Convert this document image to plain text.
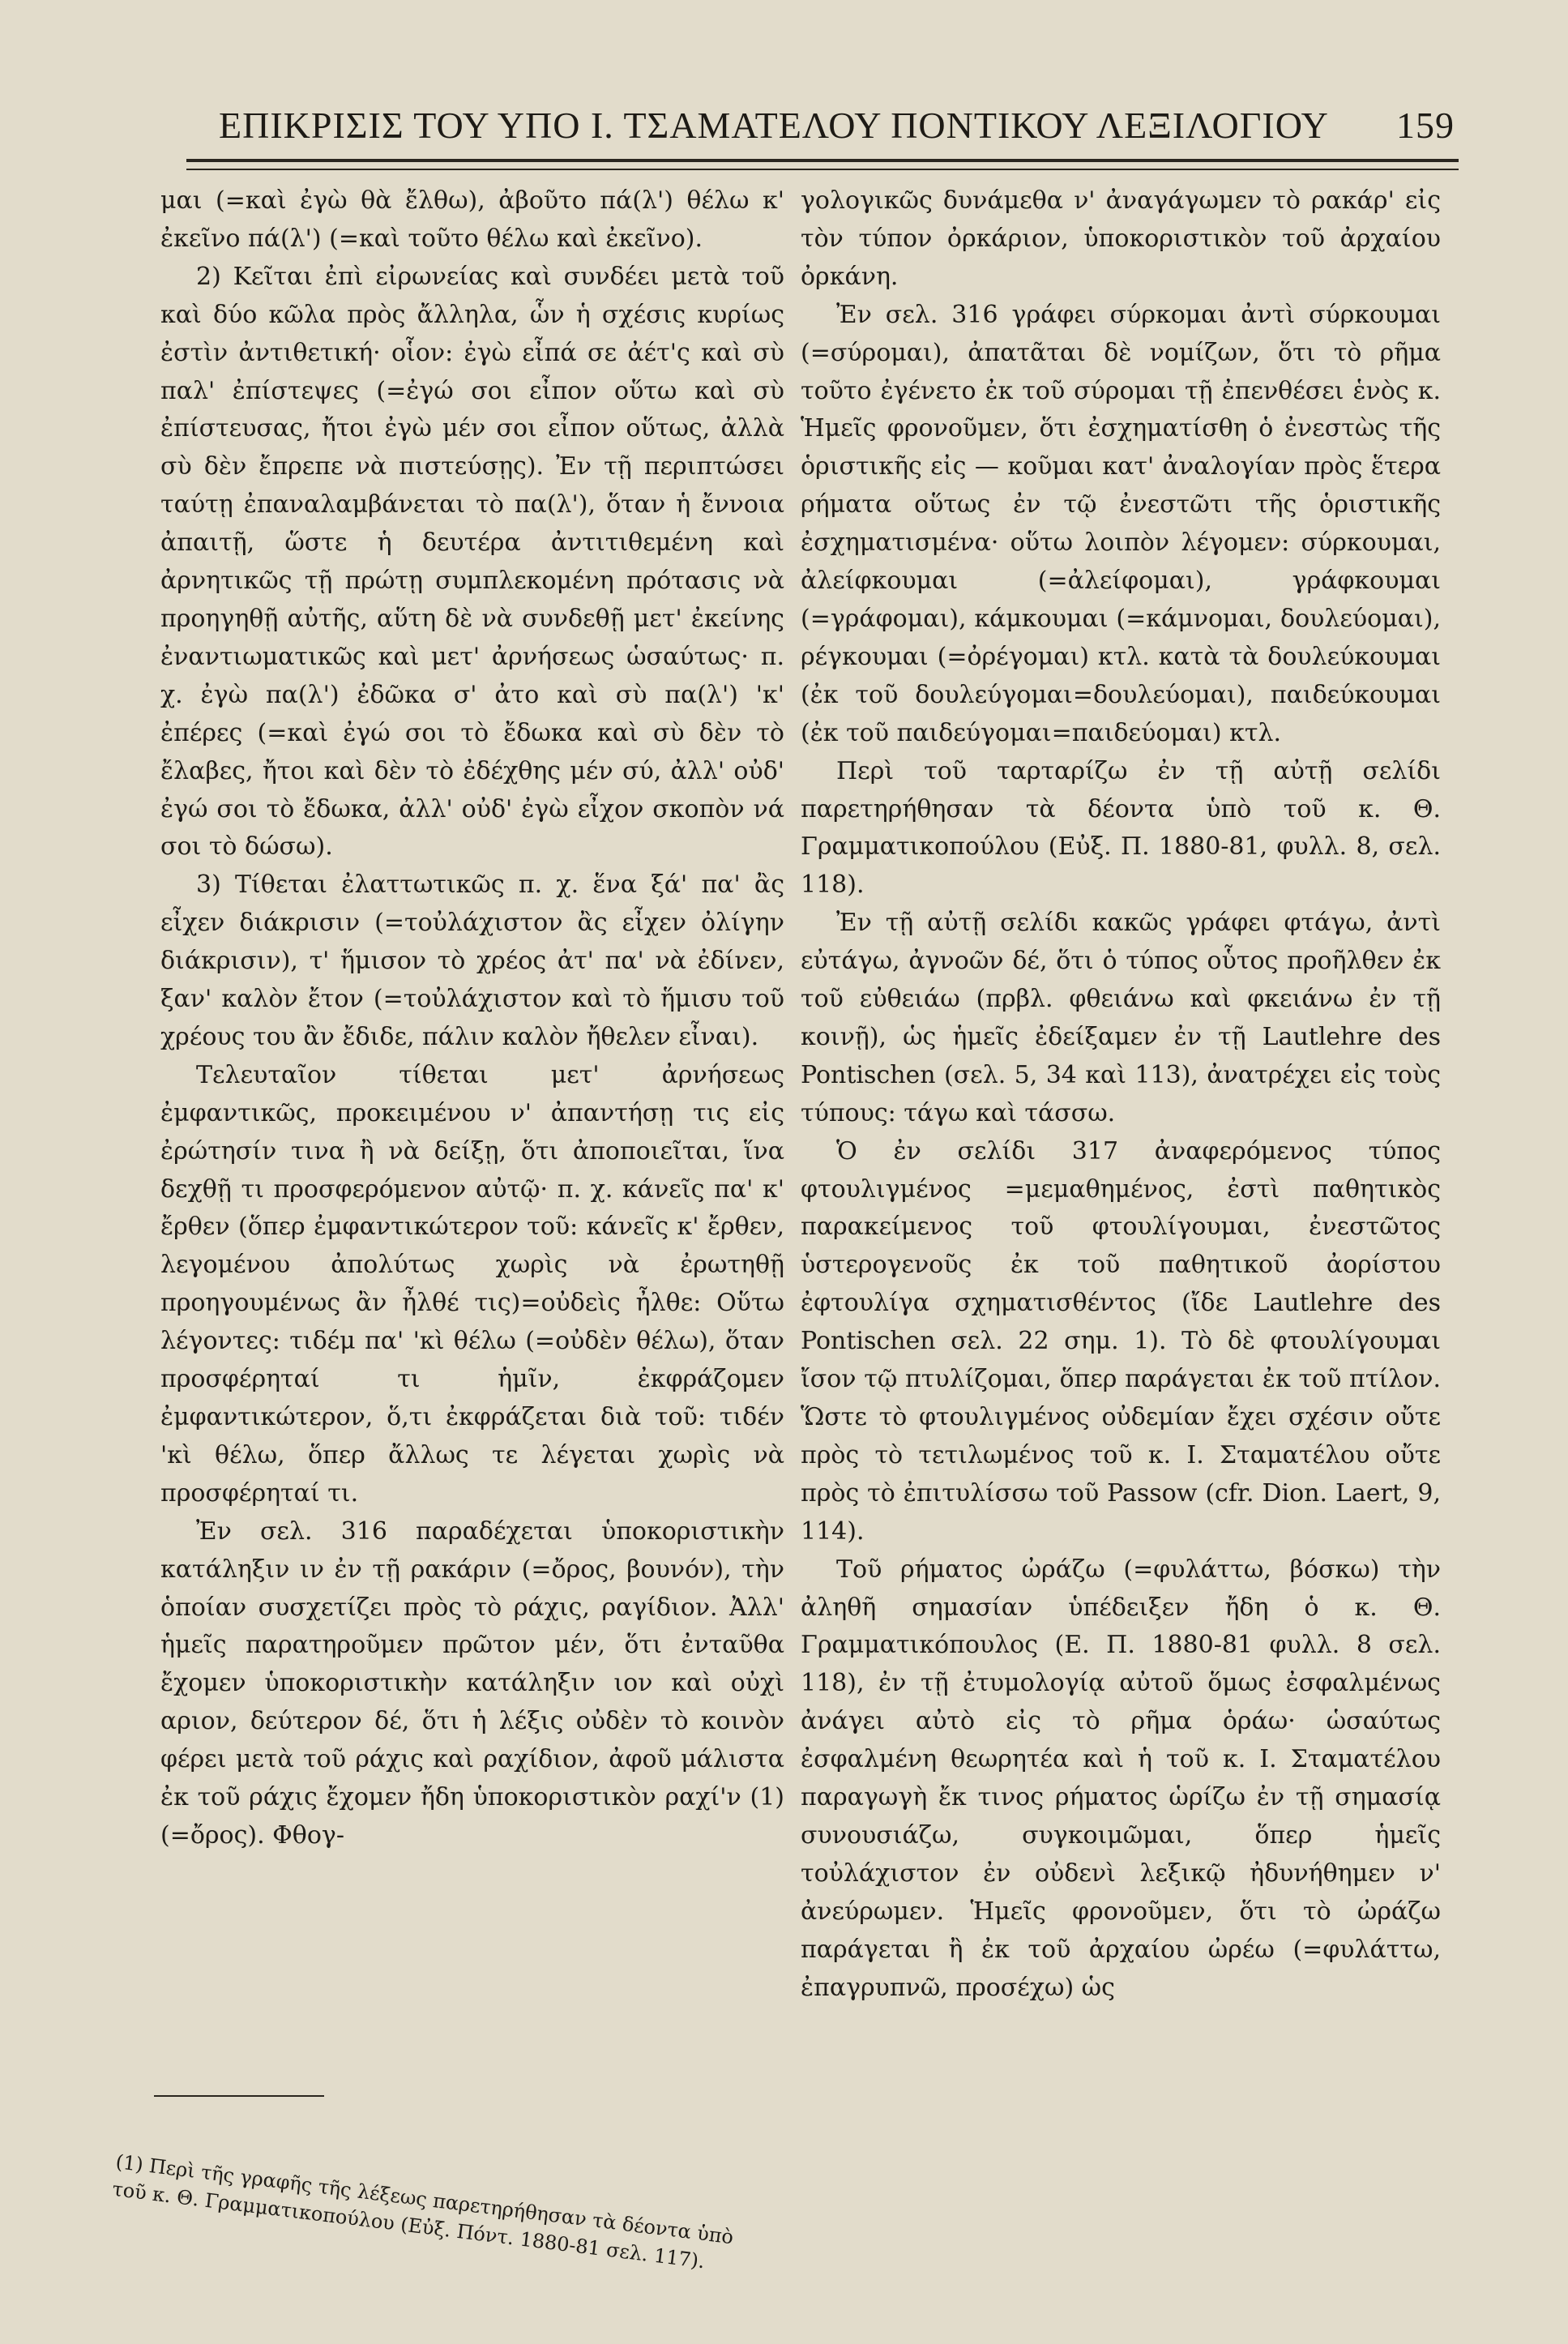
ΕΠΙΚΡΙΣΙΣ ΤΟΥ ΥΠΟ Ι. ΤΣΑΜΑΤΕΛΟΥ ΠΟΝΤΙΚΟΥ ΛΕΞΙΛΟΓΙΟΥ 159

μαι (=καὶ ἐγὼ θὰ ἔλθω), ἀβοῦτο πά(λ') θέλω κ' ἐκεῖνο πά(λ') (=καὶ τοῦτο θέλω καὶ ἐκεῖνο).

2) Κεῖται ἐπὶ εἰρωνείας καὶ συνδέει μετὰ τοῦ καὶ δύο κῶλα πρὸς ἄλληλα, ὧν ἡ σχέσις κυρίως ἐστὶν ἀντιθετική· οἷον: ἐγὼ εἶπά σε ἀέτ'ς καὶ σὺ παλ' ἐπίστεψες (=ἐγώ σοι εἶπον οὕτω καὶ σὺ ἐπίστευσας, ἤτοι ἐγὼ μέν σοι εἶπον οὕτως, ἀλλὰ σὺ δὲν ἔπρεπε νὰ πιστεύσῃς). Ἐν τῇ περιπτώσει ταύτῃ ἐπαναλαμβάνεται τὸ πα(λ'), ὅταν ἡ ἔννοια ἀπαιτῇ, ὥστε ἡ δευτέρα ἀντιτιθεμένη καὶ ἀρνητικῶς τῇ πρώτῃ συμπλεκομένη πρότασις νὰ προηγηθῇ αὐτῆς, αὕτη δὲ νὰ συνδεθῇ μετ' ἐκείνης ἐναντιωματικῶς καὶ μετ' ἀρνήσεως ὡσαύτως· π. χ. ἐγὼ πα(λ') ἐδῶκα σ' ἀτο καὶ σὺ πα(λ') 'κ' ἐπέρες (=καὶ ἐγώ σοι τὸ ἔδωκα καὶ σὺ δὲν τὸ ἔλαβες, ἤτοι καὶ δὲν τὸ ἐδέχθης μέν σύ, ἀλλ' οὐδ' ἐγώ σοι τὸ ἔδωκα, ἀλλ' οὐδ' ἐγὼ εἶχον σκοπὸν νά σοι τὸ δώσω).

3) Τίθεται ἐλαττωτικῶς π. χ. ἕνα ξά' πα' ἂς εἶχεν διάκρισιν (=τοὐλάχιστον ἂς εἶχεν ὀλίγην διάκρισιν), τ' ἥμισον τὸ χρέος ἀτ' πα' νὰ ἐδίνεν, ξαν' καλὸν ἔτον (=τοὐλάχιστον καὶ τὸ ἥμισυ τοῦ χρέους του ἂν ἔδιδε, πάλιν καλὸν ἤθελεν εἶναι).

Τελευταῖον τίθεται μετ' ἀρνήσεως ἐμφαντικῶς, προκειμένου ν' ἀπαντήσῃ τις εἰς ἐρώτησίν τινα ἢ νὰ δείξῃ, ὅτι ἀποποιεῖται, ἵνα δεχθῇ τι προσφερόμενον αὐτῷ· π. χ. κάνεῖς πα' κ' ἔρθεν (ὅπερ ἐμφαντικώτερον τοῦ: κάνεῖς κ' ἔρθεν, λεγομένου ἀπολύτως χωρὶς νὰ ἐρωτηθῇ προηγουμένως ἂν ἦλθέ τις)=οὐδεὶς ἦλθε: Οὕτω λέγοντες: τιδέμ πα' 'κὶ θέλω (=οὐδὲν θέλω), ὅταν προσφέρηταί τι ἡμῖν, ἐκφράζομεν ἐμφαντικώτερον, ὅ,τι ἐκφράζεται διὰ τοῦ: τιδέν 'κὶ θέλω, ὅπερ ἄλλως τε λέγεται χωρὶς νὰ προσφέρηταί τι.

Ἐν σελ. 316 παραδέχεται ὑποκοριστικὴν κατάληξιν ιν ἐν τῇ ρακάριν (=ὄρος, βουνόν), τὴν ὁποίαν συσχετίζει πρὸς τὸ ράχις, ραγίδιον. Ἀλλ' ἡμεῖς παρατηροῦμεν πρῶτον μέν, ὅτι ἐνταῦθα ἔχομεν ὑποκοριστικὴν κατάληξιν ιον καὶ οὐχὶ αριον, δεύτερον δέ, ὅτι ἡ λέξις οὐδὲν τὸ κοινὸν φέρει μετὰ τοῦ ράχις καὶ ραχίδιον, ἀφοῦ μάλιστα ἐκ τοῦ ράχις ἔχομεν ἤδη ὑποκοριστικὸν ραχί'ν (1) (=ὄρος). Φθογ-

γολογικῶς δυνάμεθα ν' ἀναγάγωμεν τὸ ρακάρ' εἰς τὸν τύπον ὀρκάριον, ὑποκοριστικὸν τοῦ ἀρχαίου ὀρκάνη.

Ἐν σελ. 316 γράφει σύρκομαι ἀντὶ σύρκουμαι (=σύρομαι), ἀπατᾶται δὲ νομίζων, ὅτι τὸ ρῆμα τοῦτο ἐγένετο ἐκ τοῦ σύρομαι τῇ ἐπενθέσει ἑνὸς κ. Ἡμεῖς φρονοῦμεν, ὅτι ἐσχηματίσθη ὁ ἐνεστὼς τῆς ὁριστικῆς εἰς — κοῦμαι κατ' ἀναλογίαν πρὸς ἕτερα ρήματα οὕτως ἐν τῷ ἐνεστῶτι τῆς ὁριστικῆς ἐσχηματισμένα· οὕτω λοιπὸν λέγομεν: σύρκουμαι, ἀλείφκουμαι (=ἀλείφομαι), γράφκουμαι (=γράφομαι), κάμκουμαι (=κάμνομαι, δουλεύομαι), ρέγκουμαι (=ὀρέγομαι) κτλ. κατὰ τὰ δουλεύκουμαι (ἐκ τοῦ δουλεύγομαι=δουλεύομαι), παιδεύκουμαι (ἐκ τοῦ παιδεύγομαι=παιδεύομαι) κτλ.

Περὶ τοῦ ταρταρίζω ἐν τῇ αὐτῇ σελίδι παρετηρήθησαν τὰ δέοντα ὑπὸ τοῦ κ. Θ. Γραμματικοπούλου (Εὐξ. Π. 1880-81, φυλλ. 8, σελ. 118).

Ἐν τῇ αὐτῇ σελίδι κακῶς γράφει φτάγω, ἀντὶ εὐτάγω, ἀγνοῶν δέ, ὅτι ὁ τύπος οὗτος προῆλθεν ἐκ τοῦ εὐθειάω (πρβλ. φθειάνω καὶ φκειάνω ἐν τῇ κοινῇ), ὡς ἡμεῖς ἐδείξαμεν ἐν τῇ Lautlehre des Pontischen (σελ. 5, 34 καὶ 113), ἀνατρέχει εἰς τοὺς τύπους: τάγω καὶ τάσσω.

Ὁ ἐν σελίδι 317 ἀναφερόμενος τύπος φτουλιγμένος =μεμαθημένος, ἐστὶ παθητικὸς παρακείμενος τοῦ φτουλίγουμαι, ἐνεστῶτος ὑστερογενοῦς ἐκ τοῦ παθητικοῦ ἀορίστου ἐφτουλίγα σχηματισθέντος (ἴδε Lautlehre des Pontischen σελ. 22 σημ. 1). Τὸ δὲ φτουλίγουμαι ἴσον τῷ πτυλίζομαι, ὅπερ παράγεται ἐκ τοῦ πτίλον. Ὥστε τὸ φτουλιγμένος οὐδεμίαν ἔχει σχέσιν οὔτε πρὸς τὸ τετιλωμένος τοῦ κ. Ι. Σταματέλου οὔτε πρὸς τὸ ἐπιτυλίσσω τοῦ Passow (cfr. Dion. Laert, 9, 114).

Τοῦ ρήματος ὠράζω (=φυλάττω, βόσκω) τὴν ἀληθῆ σημασίαν ὑπέδειξεν ἤδη ὁ κ. Θ. Γραμματικόπουλος (Ε. Π. 1880-81 φυλλ. 8 σελ. 118), ἐν τῇ ἐτυμολογίᾳ αὐτοῦ ὅμως ἐσφαλμένως ἀνάγει αὐτὸ εἰς τὸ ρῆμα ὁράω· ὡσαύτως ἐσφαλμένη θεωρητέα καὶ ἡ τοῦ κ. Ι. Σταματέλου παραγωγὴ ἔκ τινος ρήματος ὡρίζω ἐν τῇ σημασίᾳ συνουσιάζω, συγκοιμῶμαι, ὅπερ ἡμεῖς τοὐλάχιστον ἐν οὐδενὶ λεξικῷ ἠδυνήθημεν ν' ἀνεύρωμεν. Ἡμεῖς φρονοῦμεν, ὅτι τὸ ὠράζω παράγεται ἢ ἐκ τοῦ ἀρχαίου ὠρέω (=φυλάττω, ἐπαγρυπνῶ, προσέχω) ὡς

(1) Περὶ τῆς γραφῆς τῆς λέξεως παρετηρήθησαν τὰ δέοντα ὑπὸ τοῦ κ. Θ. Γραμματικοπούλου (Εὐξ. Πόντ. 1880-81 σελ. 117).
